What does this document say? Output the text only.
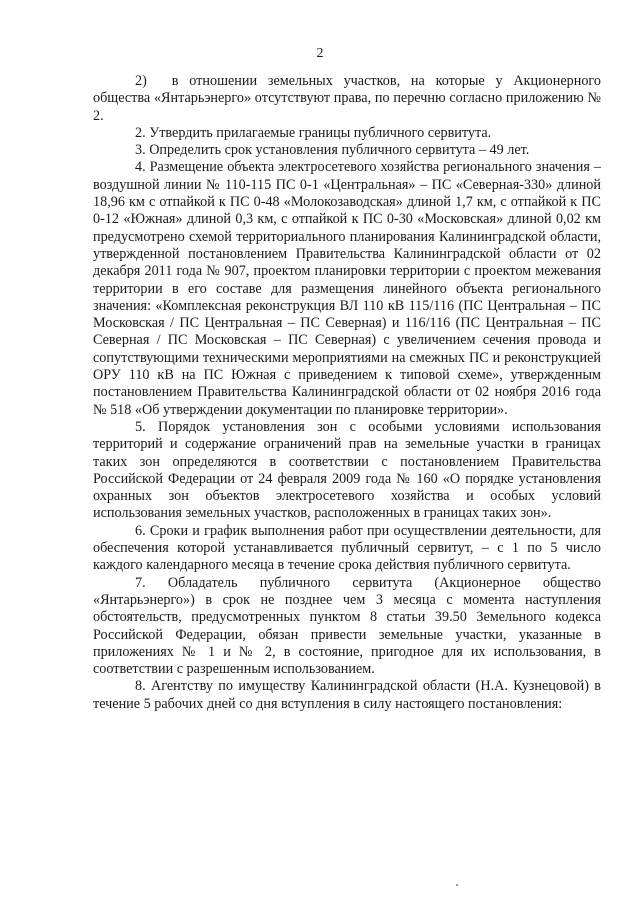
2

2)  в отношении земельных участков, на которые у Акционерного общества «Янтарьэнерго» отсутствуют права, по перечню согласно приложению № 2.

2. Утвердить прилагаемые границы публичного сервитута.

3. Определить срок установления публичного сервитута – 49 лет.

4. Размещение объекта электросетевого хозяйства регионального значения – воздушной линии № 110-115 ПС 0-1 «Центральная» – ПС «Северная-330» длиной 18,96 км с отпайкой к ПС 0-48 «Молокозаводская» длиной 1,7 км, с отпайкой к ПС 0-12 «Южная» длиной 0,3 км, с отпайкой к ПС 0-30 «Московская» длиной 0,02 км предусмотрено схемой территориального планирования Калининградской области, утвержденной постановлением Правительства Калининградской области от 02 декабря 2011 года № 907, проектом планировки территории с проектом межевания территории в его составе для размещения линейного объекта регионального значения: «Комплексная реконструкция ВЛ 110 кВ 115/116 (ПС Центральная – ПС Московская / ПС Центральная – ПС Северная) и 116/116 (ПС Центральная – ПС Северная / ПС Московская – ПС Северная) с увеличением сечения провода и сопутствующими техническими мероприятиями на смежных ПС и реконструкцией ОРУ 110 кВ на ПС Южная с приведением к типовой схеме», утвержденным постановлением Правительства Калининградской области от 02 ноября 2016 года № 518 «Об утверждении документации по планировке территории».

5. Порядок установления зон с особыми условиями использования территорий и содержание ограничений прав на земельные участки в границах таких зон определяются в соответствии с постановлением Правительства Российской Федерации от 24 февраля 2009 года № 160 «О порядке установления охранных зон объектов электросетевого хозяйства и особых условий использования земельных участков, расположенных в границах таких зон».

6. Сроки и график выполнения работ при осуществлении деятельности, для обеспечения которой устанавливается публичный сервитут, – с 1 по 5 число каждого календарного месяца в течение срока действия публичного сервитута.

7. Обладатель публичного сервитута (Акционерное общество «Янтарьэнерго») в срок не позднее чем 3 месяца с момента наступления обстоятельств, предусмотренных пунктом 8 статьи 39.50 Земельного кодекса Российской Федерации, обязан привести земельные участки, указанные в приложениях № 1 и № 2, в состояние, пригодное для их использования, в соответствии с разрешенным использованием.

8. Агентству по имуществу Калининградской области (Н.А. Кузнецовой) в течение 5 рабочих дней со дня вступления в силу настоящего постановления:
